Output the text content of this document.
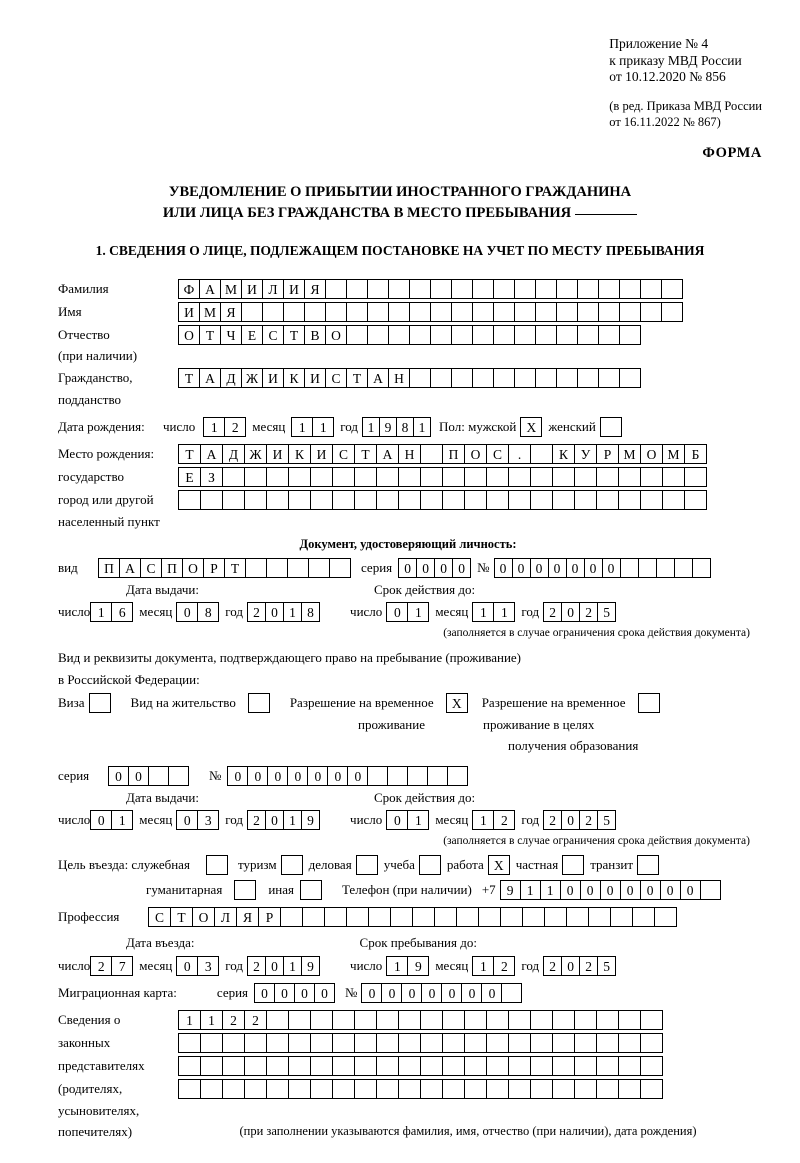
Приложение № 4
к приказу МВД России
от 10.12.2020 № 856
(в ред. Приказа МВД России
от 16.11.2022 № 867)
ФОРМА
УВЕДОМЛЕНИЕ О ПРИБЫТИИ ИНОСТРАННОГО ГРАЖДАНИНА
ИЛИ ЛИЦА БЕЗ ГРАЖДАНСТВА В МЕСТО ПРЕБЫВАНИЯ
1. СВЕДЕНИЯ О ЛИЦЕ, ПОДЛЕЖАЩЕМ ПОСТАНОВКЕ НА УЧЕТ ПО МЕСТУ ПРЕБЫВАНИЯ
Фамилия	Ф А М И Л И Я
Имя	И М Я
Отчество	О Т Ч Е С Т В О
(при наличии)
Гражданство,	Т А Д Ж И К И С Т А Н
подданство
Дата рождения:	число	1	2	месяц	1	1	год 1 9 8 1	Пол: мужской Х женский
Место рождения:	Т А Д Ж И К И С Т А Н	П О С	.	К У Р М О М Б
государство	Е	З
город или другой
населенный пункт
Документ, удостоверяющий личность:
вид	П А С П О Р Т	серия 0 0 0 0 № 0 0 0 0 0 0 0
Дата выдачи:	Срок действия до:
число 1	6	месяц 0	8	год 2 0 1 8	число 0	1	месяц 1	1	год 2 0 2 5
(заполняется в случае ограничения срока действия документа)
Вид и реквизиты документа, подтверждающего право на пребывание (проживание)
в Российской Федерации:
Виза	Вид на жительство	Разрешение на временное	Х	Разрешение на временное
проживание	проживание в целях
получения образования
серия	0 0	№ 0 0 0 0 0 0 0
Дата выдачи:	Срок действия до:
число 0	1	месяц 0	3	год 2 0 1 9	число 0	1	месяц 1	2	год 2 0 2 5
(заполняется в случае ограничения срока действия документа)
Цель въезда: служебная	туризм деловая учеба работа Х частная транзит
гуманитарная	иная	Телефон (при наличии) +7 9 1 1 0 0 0 0 0 0 0
Профессия	С Т О Л Я	Р
Дата въезда:	Срок пребывания до:
число 2	7	месяц 0	3	год 2 0 1 9	число 1	9	месяц 1	2	год 2 0 2 5
Миграционная карта:	серия 0 0 0 0	№ 0 0 0 0 0 0 0
Сведения о	1	1	2	2
законных
представителях
(родителях,
усыновителях,
попечителях)	(при заполнении указываются фамилия, имя, отчество (при наличии), дата рождения)
